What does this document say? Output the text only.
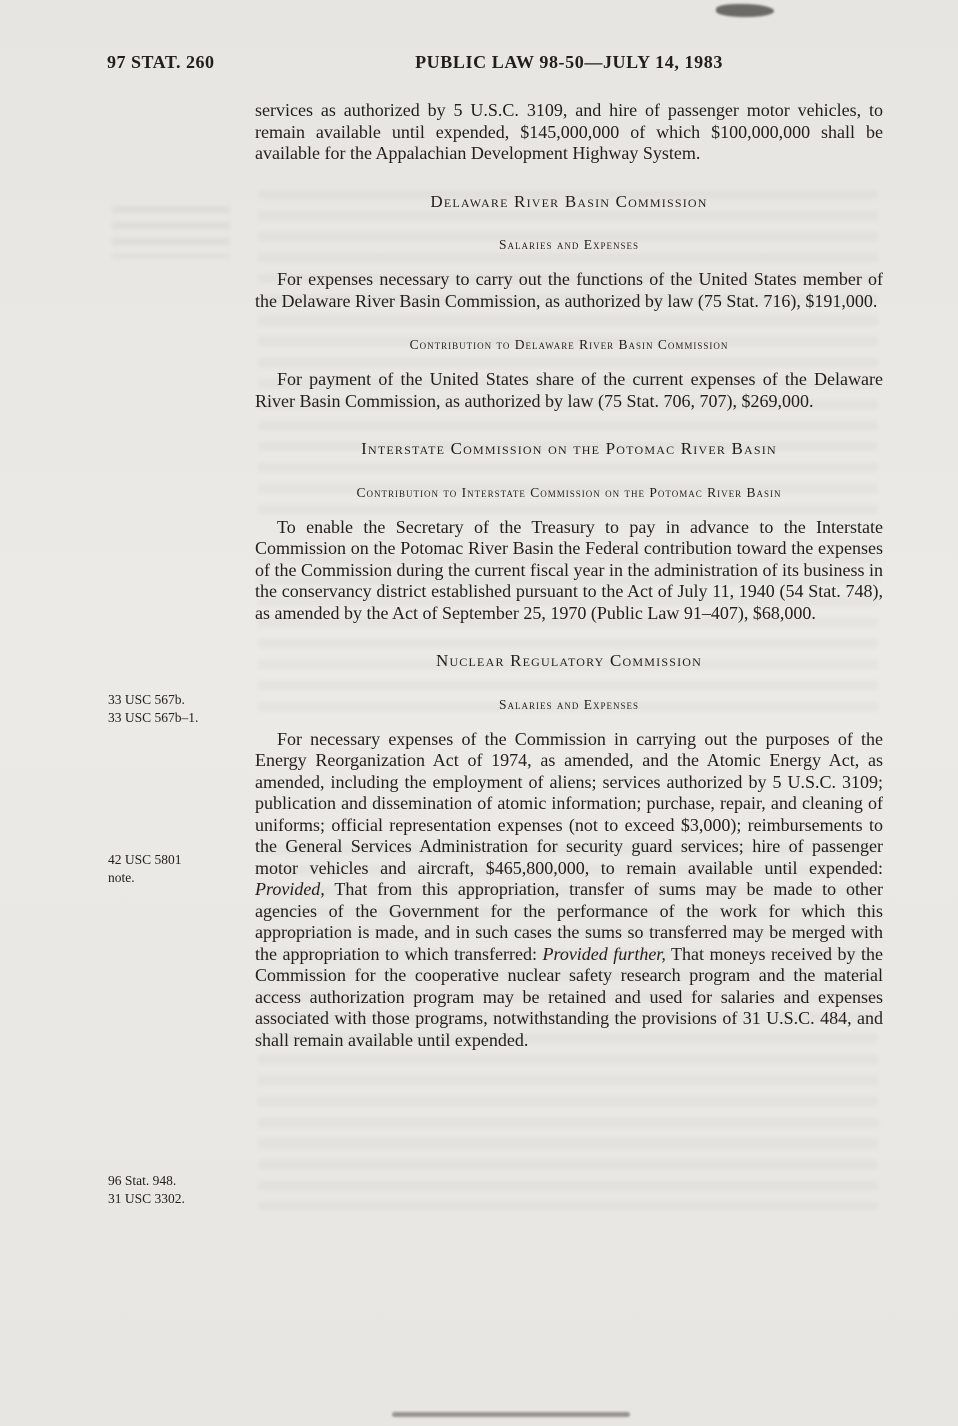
97 STAT. 260	PUBLIC LAW 98-50—JULY 14, 1983
33 USC 567b.
33 USC 567b–1.
42 USC 5801
note.
96 Stat. 948.
31 USC 3302.

services as authorized by 5 U.S.C. 3109, and hire of passenger motor vehicles, to remain available until expended, $145,000,000 of which $100,000,000 shall be available for the Appalachian Development Highway System.

Delaware River Basin Commission
Salaries and Expenses

For expenses necessary to carry out the functions of the United States member of the Delaware River Basin Commission, as authorized by law (75 Stat. 716), $191,000.

Contribution to Delaware River Basin Commission

For payment of the United States share of the current expenses of the Delaware River Basin Commission, as authorized by law (75 Stat. 706, 707), $269,000.

Interstate Commission on the Potomac River Basin
Contribution to Interstate Commission on the Potomac River Basin

To enable the Secretary of the Treasury to pay in advance to the Interstate Commission on the Potomac River Basin the Federal contribution toward the expenses of the Commission during the current fiscal year in the administration of its business in the conservancy district established pursuant to the Act of July 11, 1940 (54 Stat. 748), as amended by the Act of September 25, 1970 (Public Law 91–407), $68,000.

Nuclear Regulatory Commission
Salaries and Expenses

For necessary expenses of the Commission in carrying out the purposes of the Energy Reorganization Act of 1974, as amended, and the Atomic Energy Act, as amended, including the employment of aliens; services authorized by 5 U.S.C. 3109; publication and dissemination of atomic information; purchase, repair, and cleaning of uniforms; official representation expenses (not to exceed $3,000); reimbursements to the General Services Administration for security guard services; hire of passenger motor vehicles and aircraft, $465,800,000, to remain available until expended: Provided, That from this appropriation, transfer of sums may be made to other agencies of the Government for the performance of the work for which this appropriation is made, and in such cases the sums so transferred may be merged with the appropriation to which transferred: Provided further, That moneys received by the Commission for the cooperative nuclear safety research program and the material access authorization program may be retained and used for salaries and expenses associated with those programs, notwithstanding the provisions of 31 U.S.C. 484, and shall remain available until expended.
